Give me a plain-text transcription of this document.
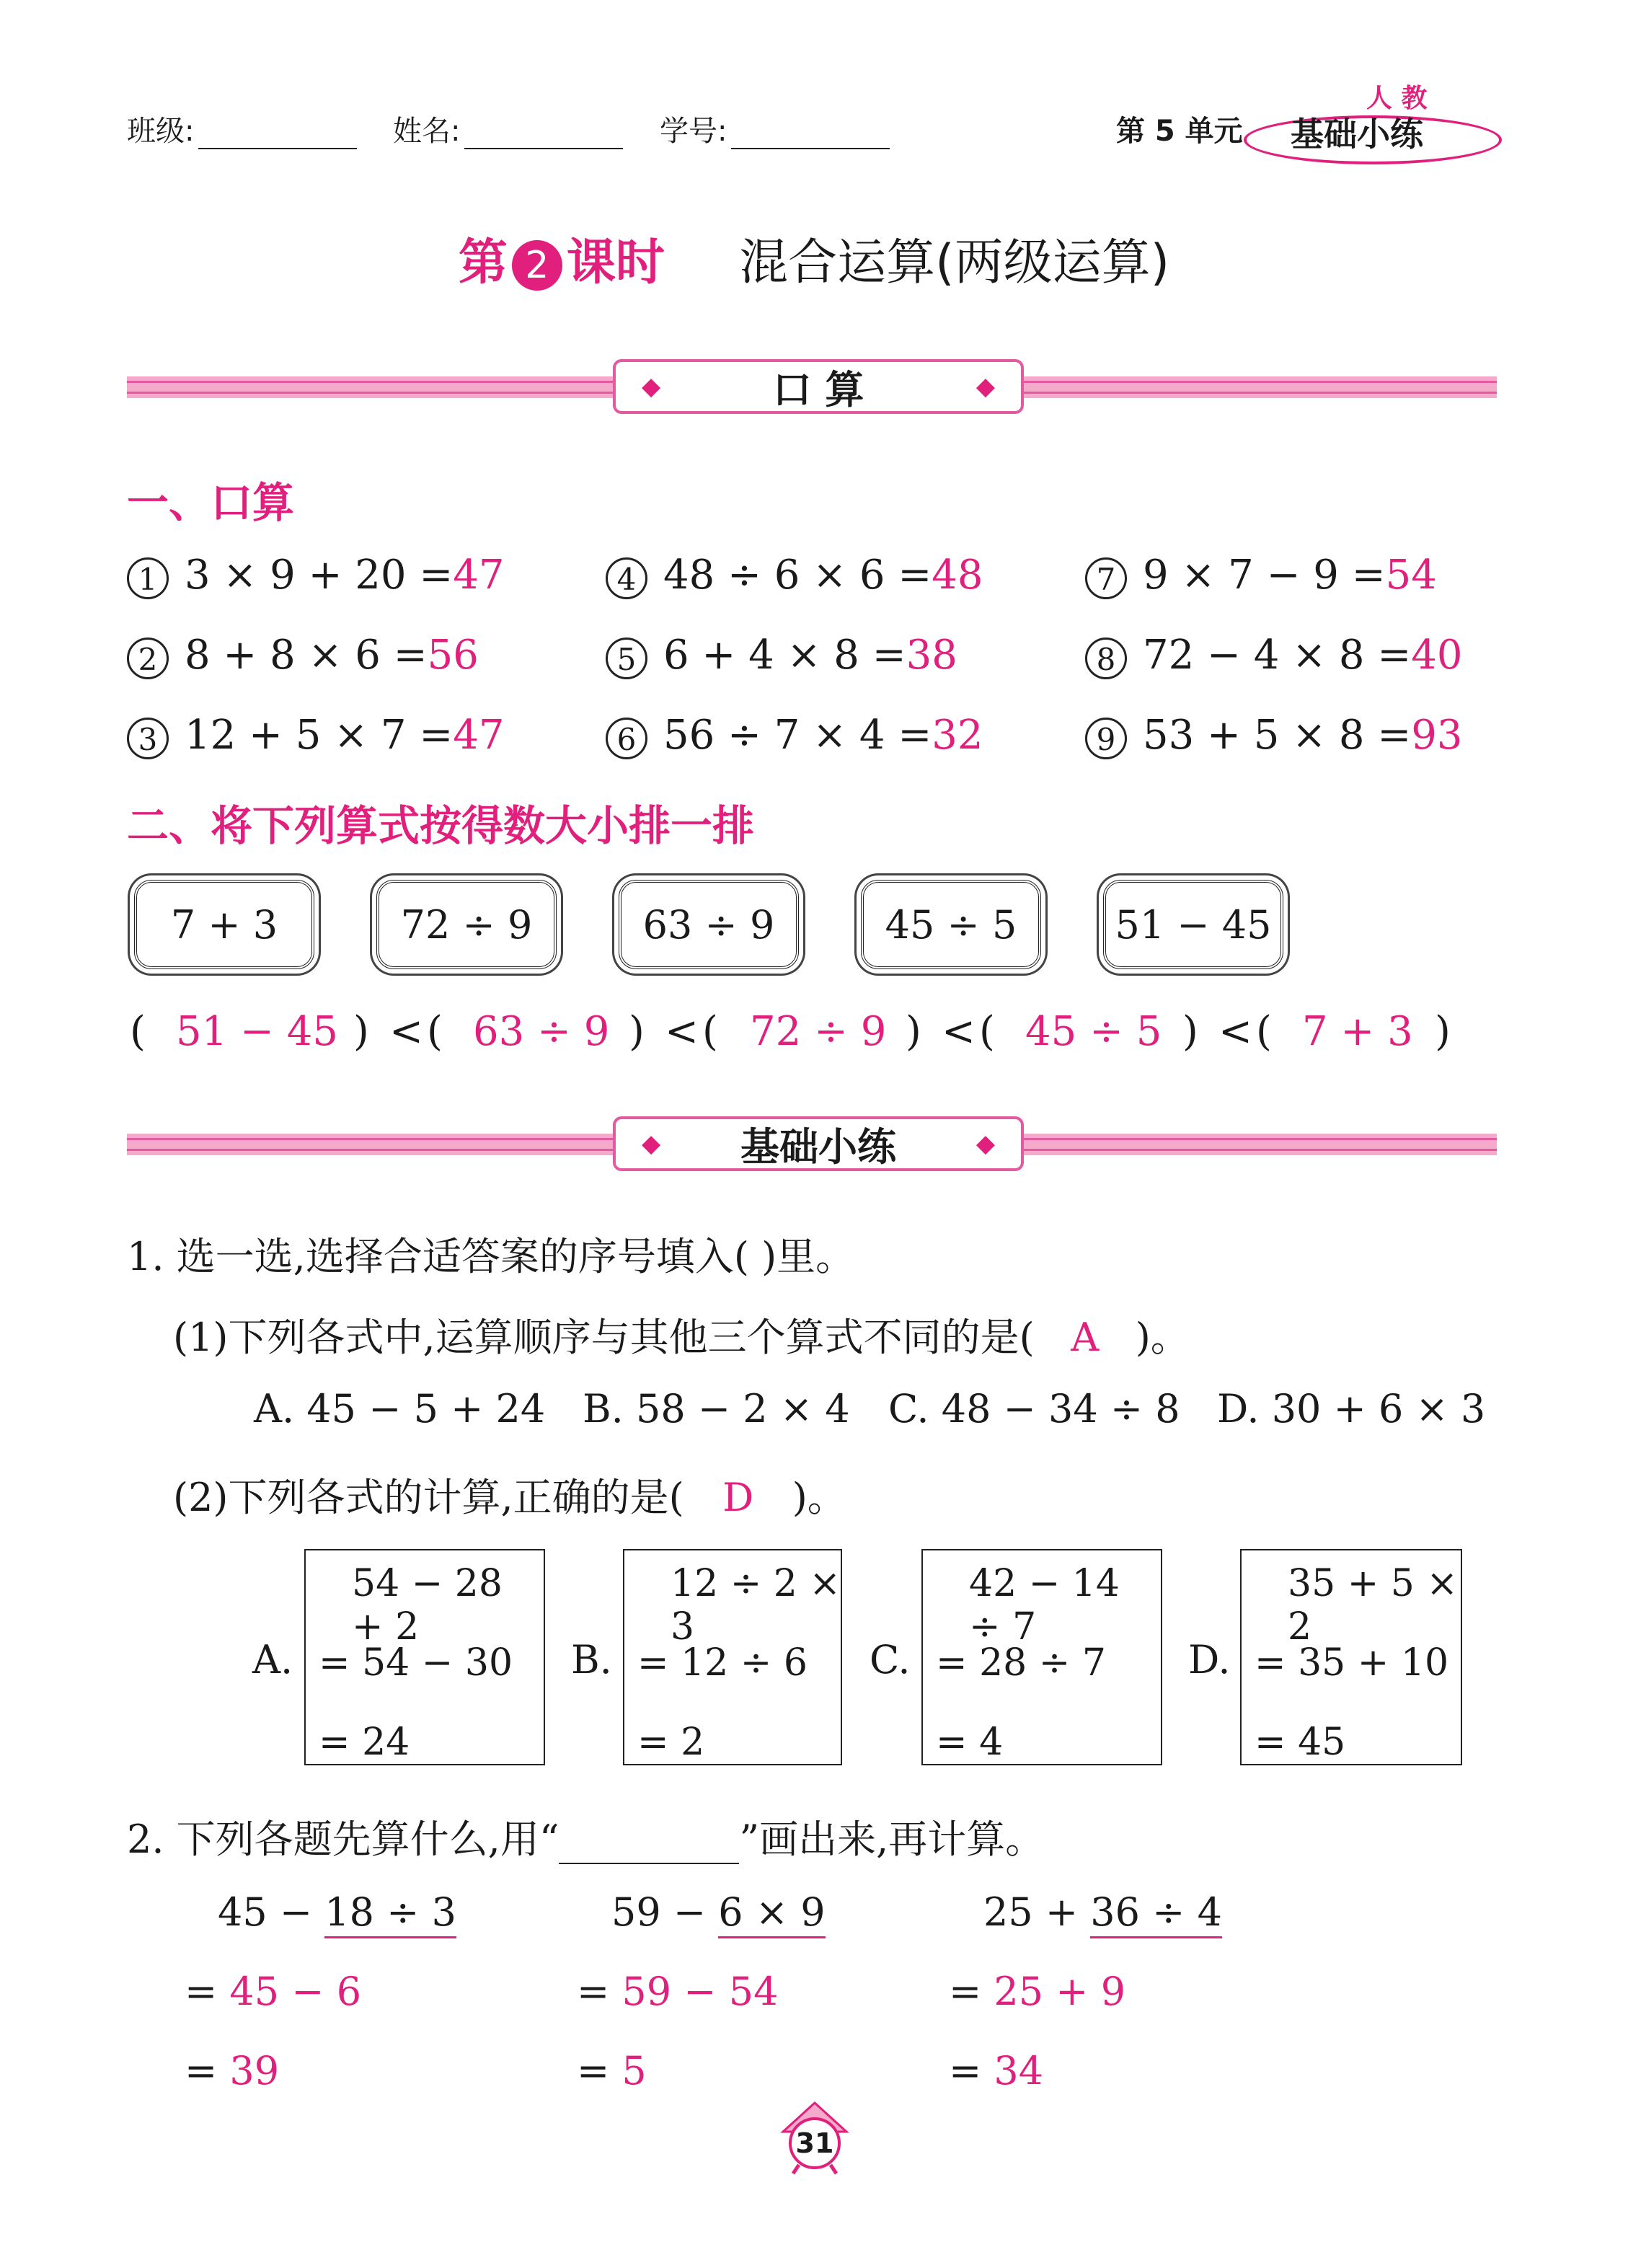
班级:	姓名:	学号:	第 5 单元
人 教
基础小练
第 2 课时 混合运算(两级运算)
◆	口 算	◆
一、口算
1 3 × 9 + 20 =47	4 48 ÷ 6 × 6 =48	7 9 × 7 − 9 =54
2 8 + 8 × 6 =56	5 6 + 4 × 8 =38	8 72 − 4 × 8 =40
3 12 + 5 × 7 =47	6 56 ÷ 7 × 4 =32	9 53 + 5 × 8 =93
二、将下列算式按得数大小排一排
7 + 3	72 ÷ 9	63 ÷ 9	45 ÷ 5	51 − 45
( 51 − 45 ) < ( 63 ÷ 9 ) < ( 72 ÷ 9 ) < ( 45 ÷ 5 ) < ( 7 + 3 )
◆ 基础小练	◆
1. 选一选,选择合适答案的序号填入( )里。
(1)下列各式中,运算顺序与其他三个算式不同的是( A )。
A. 45 − 5 + 24 B. 58 − 2 × 4 C. 48 − 34 ÷ 8 D. 30 + 6 × 3
(2)下列各式的计算,正确的是( D )。
A.
54 − 28 + 2
= 54 − 30
= 24
B.
12 ÷ 2 × 3
= 12 ÷ 6
= 2
C.
42 − 14 ÷ 7
= 28 ÷ 7
= 4
D.
35 + 5 × 2
= 35 + 10
= 45
2. 下列各题先算什么,用“	”画出来,再计算。
45 − 18 ÷ 3
= 45 − 6
= 39
59 − 6 × 9
= 59 − 54
= 5
25 + 36 ÷ 4
= 25 + 9
= 34
31
